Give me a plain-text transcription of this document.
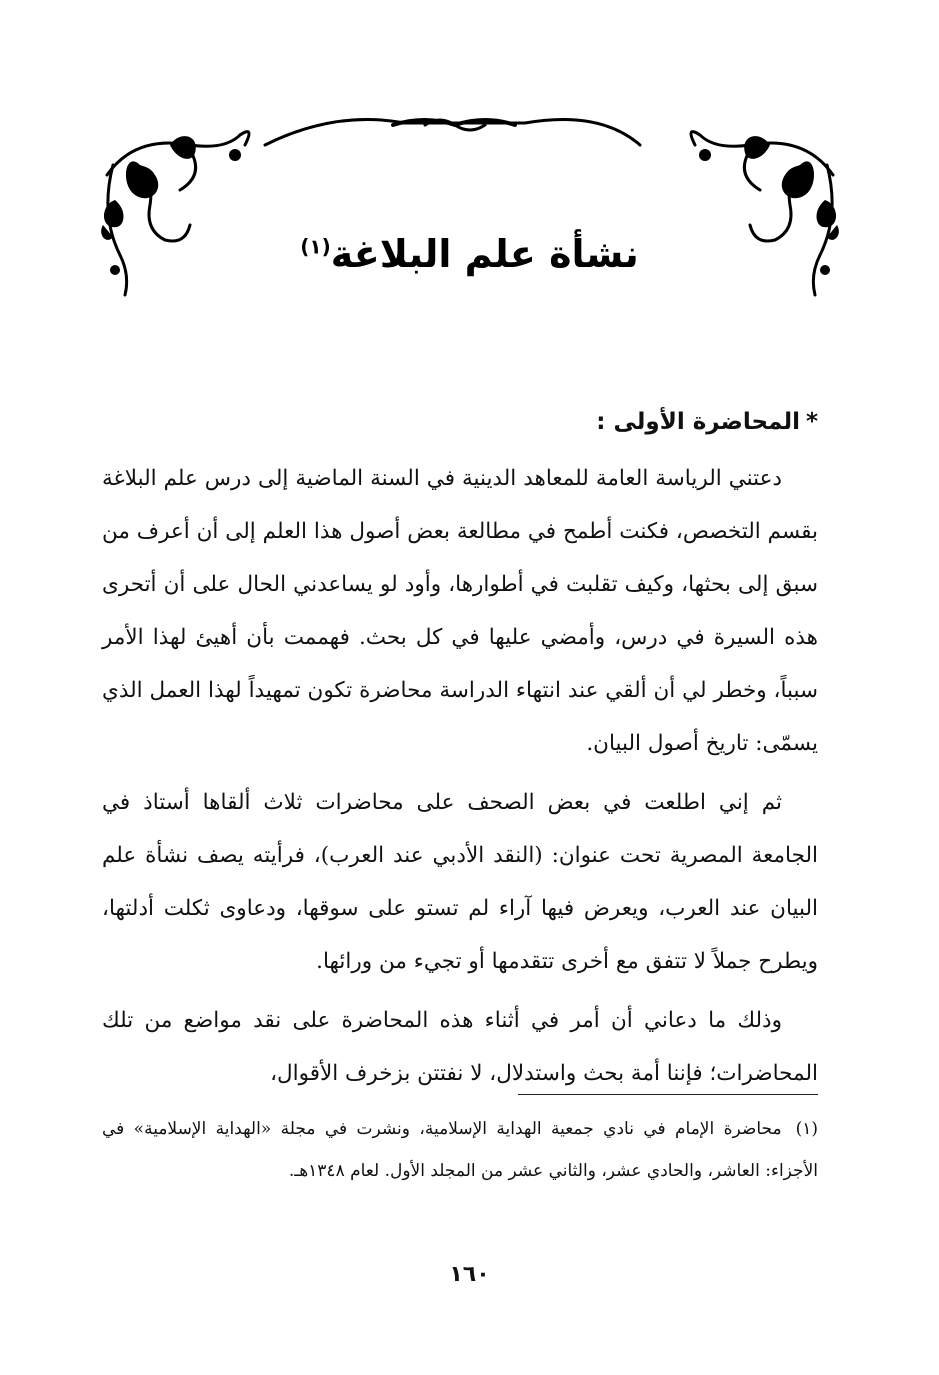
نشأة علم البلاغة$^{(١)}$
*المحاضرة الأولى :

دعتني الرياسة العامة للمعاهد الدينية في السنة الماضية إلى درس علم البلاغة بقسم التخصص، فكنت أطمح في مطالعة بعض أصول هذا العلم إلى أن أعرف من سبق إلى بحثها، وكيف تقلبت في أطوارها، وأود لو يساعدني الحال على أن أتحرى هذه السيرة في درس، وأمضي عليها في كل بحث. فهممت بأن أهيئ لهذا الأمر سبباً، وخطر لي أن ألقي عند انتهاء الدراسة محاضرة تكون تمهيداً لهذا العمل الذي يسمّى: تاريخ أصول البيان.

ثم إني اطلعت في بعض الصحف على محاضرات ثلاث ألقاها أستاذ في الجامعة المصرية تحت عنوان: (النقد الأدبي عند العرب)، فرأيته يصف نشأة علم البيان عند العرب، ويعرض فيها آراء لم تستو على سوقها، ودعاوى ثكلت أدلتها، ويطرح جملاً لا تتفق مع أخرى تتقدمها أو تجيء من ورائها.

وذلك ما دعاني أن أمر في أثناء هذه المحاضرة على نقد مواضع من تلك المحاضرات؛ فإننا أمة بحث واستدلال، لا نفتتن بزخرف الأقوال،

(١)محاضرة الإمام في نادي جمعية الهداية الإسلامية، ونشرت في مجلة «الهداية الإسلامية» في الأجزاء: العاشر، والحادي عشر، والثاني عشر من المجلد الأول. لعام ١٣٤٨هـ.
١٦٠
